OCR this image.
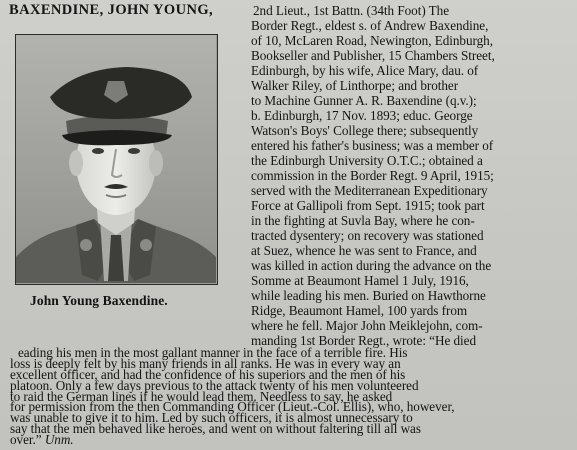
BAXENDINE, JOHN YOUNG,
John Young Baxendine.
2nd Lieut., 1st Battn. (34th Foot) The
Border Regt., eldest s. of Andrew Baxendine,
of 10, McLaren Road, Newington, Edinburgh,
Bookseller and Publisher, 15 Chambers Street,
Edinburgh, by his wife, Alice Mary, dau. of
Walker Riley, of Linthorpe; and brother
to Machine Gunner A. R. Baxendine (q.v.);
b. Edinburgh, 17 Nov. 1893; educ. George
Watson's Boys' College there; subsequently
entered his father's business; was a member of
the Edinburgh University O.T.C.; obtained a
commission in the Border Regt. 9 April, 1915;
served with the Mediterranean Expeditionary
Force at Gallipoli from Sept. 1915; took part
in the fighting at Suvla Bay, where he con-
tracted dysentery; on recovery was stationed
at Suez, whence he was sent to France, and
was killed in action during the advance on the
Somme at Beaumont Hamel 1 July, 1916,
while leading his men. Buried on Hawthorne
Ridge, Beaumont Hamel, 100 yards from
where he fell. Major John Meiklejohn, com-
manding 1st Border Regt., wrote: “He died
eading his men in the most gallant manner in the face of a terrible fire. His
loss is deeply felt by his many friends in all ranks. He was in every way an
excellent officer, and had the confidence of his superiors and the men of his
platoon. Only a few days previous to the attack twenty of his men volunteered
to raid the German lines if he would lead them. Needless to say, he asked
for permission from the then Commanding Officer (Lieut.-Col. Ellis), who, however,
was unable to give it to him. Led by such officers, it is almost unnecessary to
say that the men behaved like heroes, and went on without faltering till all was
over.” Unm.
